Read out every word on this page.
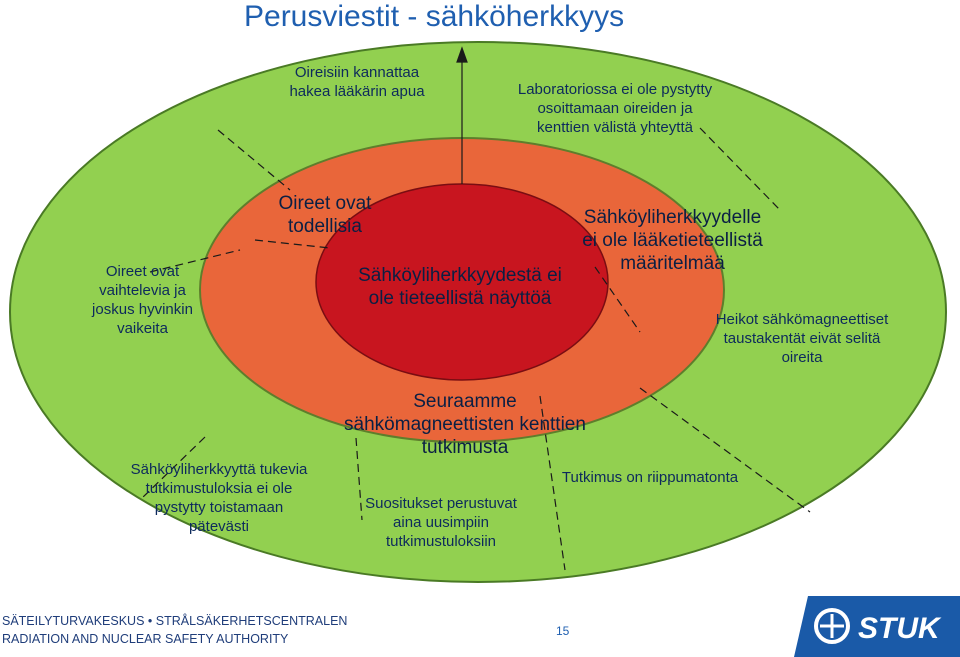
Perusviestit - sähköherkkyys
Oireisiin kannattaa
hakea lääkärin apua	Laboratoriossa ei ole pystytty
osoittamaan oireiden ja
kenttien välistä yhteyttä
Oireet ovat
vaihtelevia ja
joskus hyvinkin
vaikeita
Heikot sähkömagneettiset
taustakentät eivät selitä
oireita
Sähköyliherkkyyttä tukevia
tutkimustuloksia ei ole
pystytty toistamaan
pätevästi
Tutkimus on riippumatonta
Suositukset perustuvat
aina uusimpiin
tutkimustuloksiin
Oireet ovat
todellisia	Sähköyliherkkyydelle
ei ole lääketieteellistä
määritelmää
Seuraamme
sähkömagneettisten kenttien
tutkimusta
Sähköyliherkkyydestä ei
ole tieteellistä näyttöä
SÄTEILYTURVAKESKUS • STRÅLSÄKERHETSCENTRALEN
RADIATION AND NUCLEAR SAFETY AUTHORITY
15	STUK
